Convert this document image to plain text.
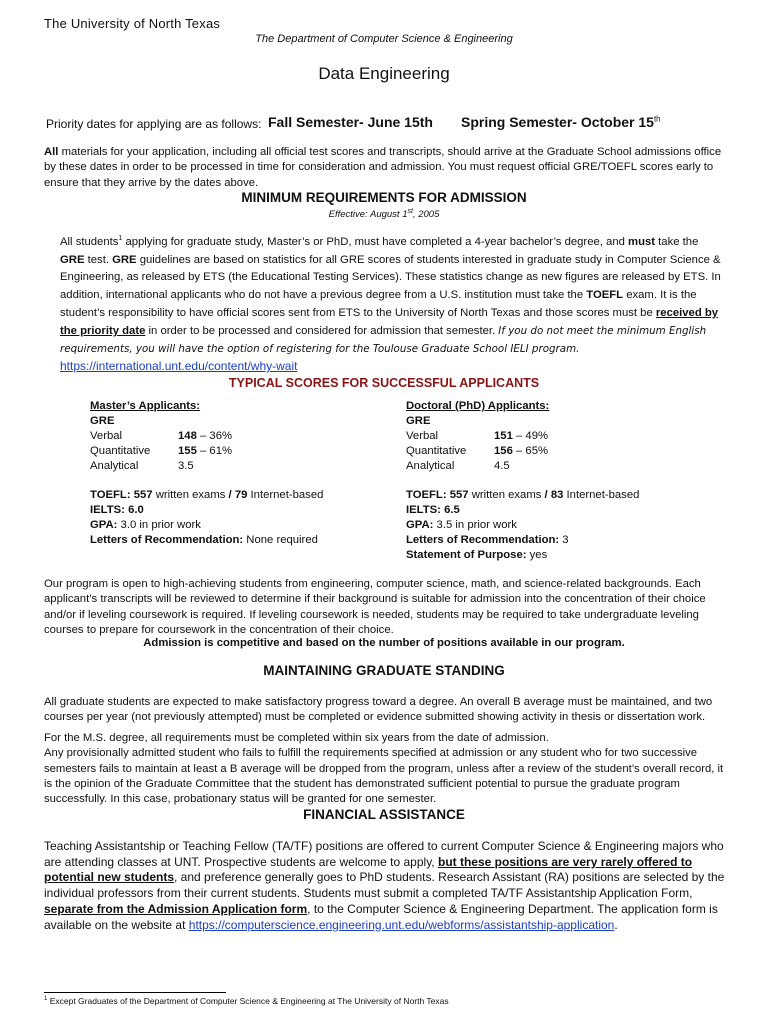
The University of North Texas
The Department of Computer Science & Engineering
Data Engineering
Priority dates for applying are as follows: Fall Semester- June 15th Spring Semester- October 15th
All materials for your application, including all official test scores and transcripts, should arrive at the Graduate School admissions office by these dates in order to be processed in time for consideration and admission. You must request official GRE/TOEFL scores early to ensure that they arrive by the dates above.
MINIMUM REQUIREMENTS FOR ADMISSION
Effective: August 1st, 2005
All students$^1$ applying for graduate study, Master’s or PhD, must have completed a 4-year bachelor’s degree, and must take the GRE test. GRE guidelines are based on statistics for all GRE scores of students interested in graduate study in Computer Science & Engineering, as released by ETS (the Educational Testing Services). These statistics change as new figures are released by ETS. In addition, international applicants who do not have a previous degree from a U.S. institution must take the TOEFL exam. It is the student’s responsibility to have official scores sent from ETS to the University of North Texas and those scores must be received by the priority date in order to be processed and considered for admission that semester. If you do not meet the minimum English requirements, you will have the option of registering for the Toulouse Graduate School IELI program. https://international.unt.edu/content/why-wait
TYPICAL SCORES FOR SUCCESSFUL APPLICANTS
Master’s Applicants:
GRE
Verbal	148 – 36%
Quantitative	155 – 61%
Analytical	3.5
TOEFL: 557 written exams / 79 Internet-based
IELTS: 6.0
GPA: 3.0 in prior work
Letters of Recommendation: None required
Doctoral (PhD) Applicants:
GRE
Verbal	151 – 49%
Quantitative	156 – 65%
Analytical	4.5
TOEFL: 557 written exams / 83 Internet-based
IELTS: 6.5
GPA: 3.5 in prior work
Letters of Recommendation: 3
Statement of Purpose: yes
Our program is open to high-achieving students from engineering, computer science, math, and science-related backgrounds. Each applicant’s transcripts will be reviewed to determine if their background is suitable for admission into the concentration of their choice and/or if leveling coursework is required. If leveling coursework is needed, students may be required to take undergraduate leveling courses to prepare for coursework in the concentration of their choice.
Admission is competitive and based on the number of positions available in our program.
MAINTAINING GRADUATE STANDING
All graduate students are expected to make satisfactory progress toward a degree. An overall B average must be maintained, and two courses per year (not previously attempted) must be completed or evidence submitted showing activity in thesis or dissertation work.
For the M.S. degree, all requirements must be completed within six years from the date of admission.
Any provisionally admitted student who fails to fulfill the requirements specified at admission or any student who for two successive semesters fails to maintain at least a B average will be dropped from the program, unless after a review of the student’s overall record, it is the opinion of the Graduate Committee that the student has demonstrated sufficient potential to pursue the graduate program successfully. In this case, probationary status will be granted for one semester.
FINANCIAL ASSISTANCE
Teaching Assistantship or Teaching Fellow (TA/TF) positions are offered to current Computer Science & Engineering majors who are attending classes at UNT. Prospective students are welcome to apply, but these positions are very rarely offered to potential new students, and preference generally goes to PhD students. Research Assistant (RA) positions are selected by the individual professors from their current students. Students must submit a completed TA/TF Assistantship Application Form, separate from the Admission Application form, to the Computer Science & Engineering Department. The application form is available on the website at https://computerscience.engineering.unt.edu/webforms/assistantship-application.
$^1$ Except Graduates of the Department of Computer Science & Engineering at The University of North Texas
